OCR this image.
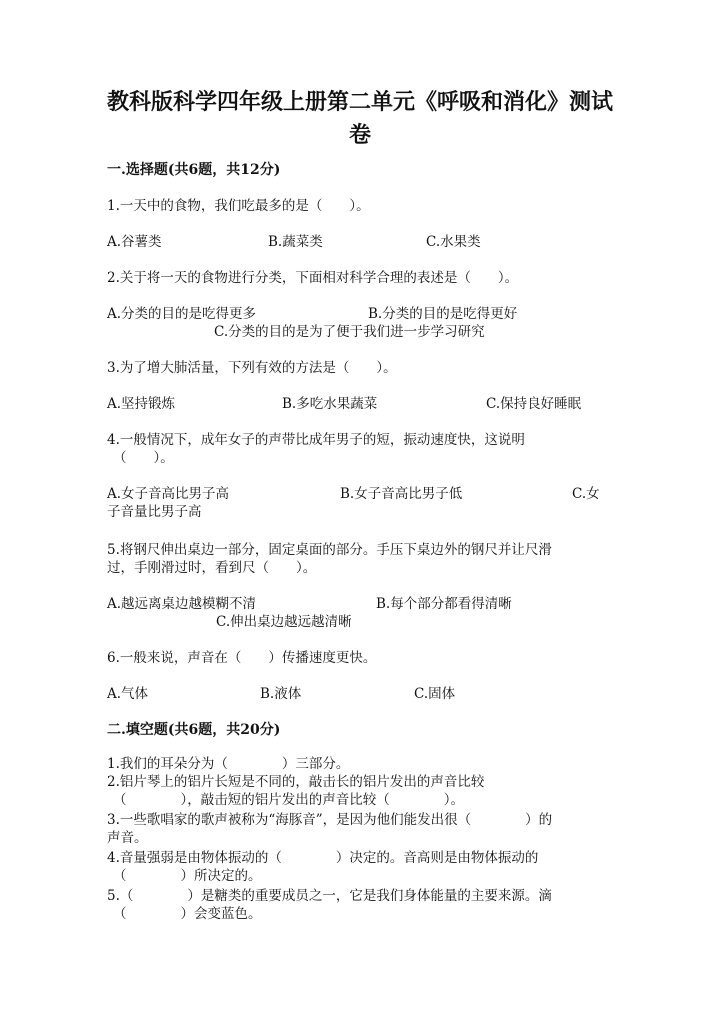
教科版科学四年级上册第二单元《呼吸和消化》测试卷
一.选择题(共6题，共12分)
1.一天中的食物，我们吃最多的是（　　）。
A.谷薯类	B.蔬菜类	C.水果类
2.关于将一天的食物进行分类，下面相对科学合理的表述是（　　）。
A.分类的目的是吃得更多	B.分类的目的是吃得更好
C.分类的目的是为了便于我们进一步学习研究
3.为了增大肺活量，下列有效的方法是（　　）。
A.坚持锻炼	B.多吃水果蔬菜	C.保持良好睡眠
4.一般情况下，成年女子的声带比成年男子的短，振动速度快，这说明
（　　）。
A.女子音高比男子高	B.女子音高比男子低	C.女
子音量比男子高
5.将钢尺伸出桌边一部分，固定桌面的部分。手压下桌边外的钢尺并让尺滑
过，手刚滑过时，看到尺（　　）。
A.越远离桌边越模糊不清	B.每个部分都看得清晰
C.伸出桌边越远越清晰
6.一般来说，声音在（　　）传播速度更快。
A.气体	B.液体	C.固体
二.填空题(共6题，共20分)
1.我们的耳朵分为（　　　　）三部分。
2.铝片琴上的铝片长短是不同的，敲击长的铝片发出的声音比较
（　　　　），敲击短的铝片发出的声音比较（　　　　）。
3.一些歌唱家的歌声被称为“海豚音”，是因为他们能发出很（　　　　）的
声音。
4.音量强弱是由物体振动的（　　　　）决定的。音高则是由物体振动的
（　　　　）所决定的。
5.（　　　　）是糖类的重要成员之一，它是我们身体能量的主要来源。滴
（　　　　）会变蓝色。
